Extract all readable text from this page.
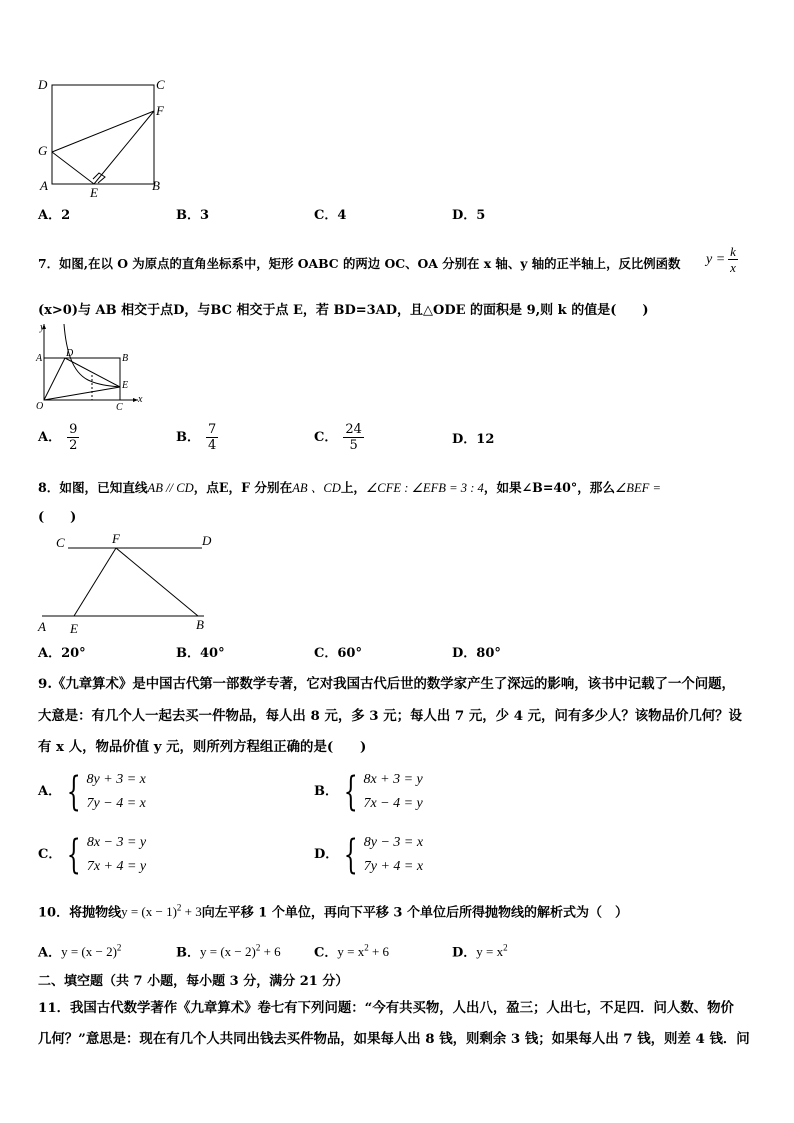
D	C
F
G
A	E	B
A．2	B．3	C．4	D．5
7．如图,在以 O 为原点的直角坐标系中，矩形 OABC 的两边 OC、OA 分别在 x 轴、y 轴的正半轴上，反比例函数 $y = \frac{k}{x}$
(x>0)与 AB 相交于点D，与BC 相交于点 E，若 BD=3AD，且△ODE 的面积是 9,则 k 的值是(　　)
y
A D	B
E
O	C
x
A． $\frac{9}{2}$	B． $\frac{7}{4}$	C． $\frac{24}{5}$	D．12
8．如图，已知直线AB // CD，点E，F 分别在AB 、CD上，∠CFE : ∠EFB = 3 : 4，如果∠B=40°，那么∠BEF =
(　　)
C	F	D
A E	B
A．20°	B．40°	C．60°	D．80°
9.《九章算术》是中国古代第一部数学专著，它对我国古代后世的数学家产生了深远的影响，该书中记载了一个问题，
大意是：有几个人一起去买一件物品，每人出 8 元，多 3 元；每人出 7 元，少 4 元，问有多少人？该物品价几何？设
有 x 人，物品价值 y 元，则所列方程组正确的是(　　)
A． { 8y + 3 = x
7y − 4 = x
B． { 8x + 3 = y
7x − 4 = y
C． { 8x − 3 = y
7x + 4 = y
D． { 8y − 3 = x
7y + 4 = x
10．将抛物线$y = (x - 1)^2 + 3$向左平移 1 个单位，再向下平移 3 个单位后所得抛物线的解析式为（　）
A．$y = (x - 2)^2$	B．$y = (x - 2)^2 + 6$	C．$y = x^2 + 6$	D．$y = x^2$
二、填空题（共 7 小题，每小题 3 分，满分 21 分）
11．我国古代数学著作《九章算术》卷七有下列问题：“今有共买物，人出八，盈三；人出七，不足四．问人数、物价
几何？”意思是：现在有几个人共同出钱去买件物品，如果每人出 8 钱，则剩余 3 钱；如果每人出 7 钱，则差 4 钱．问
